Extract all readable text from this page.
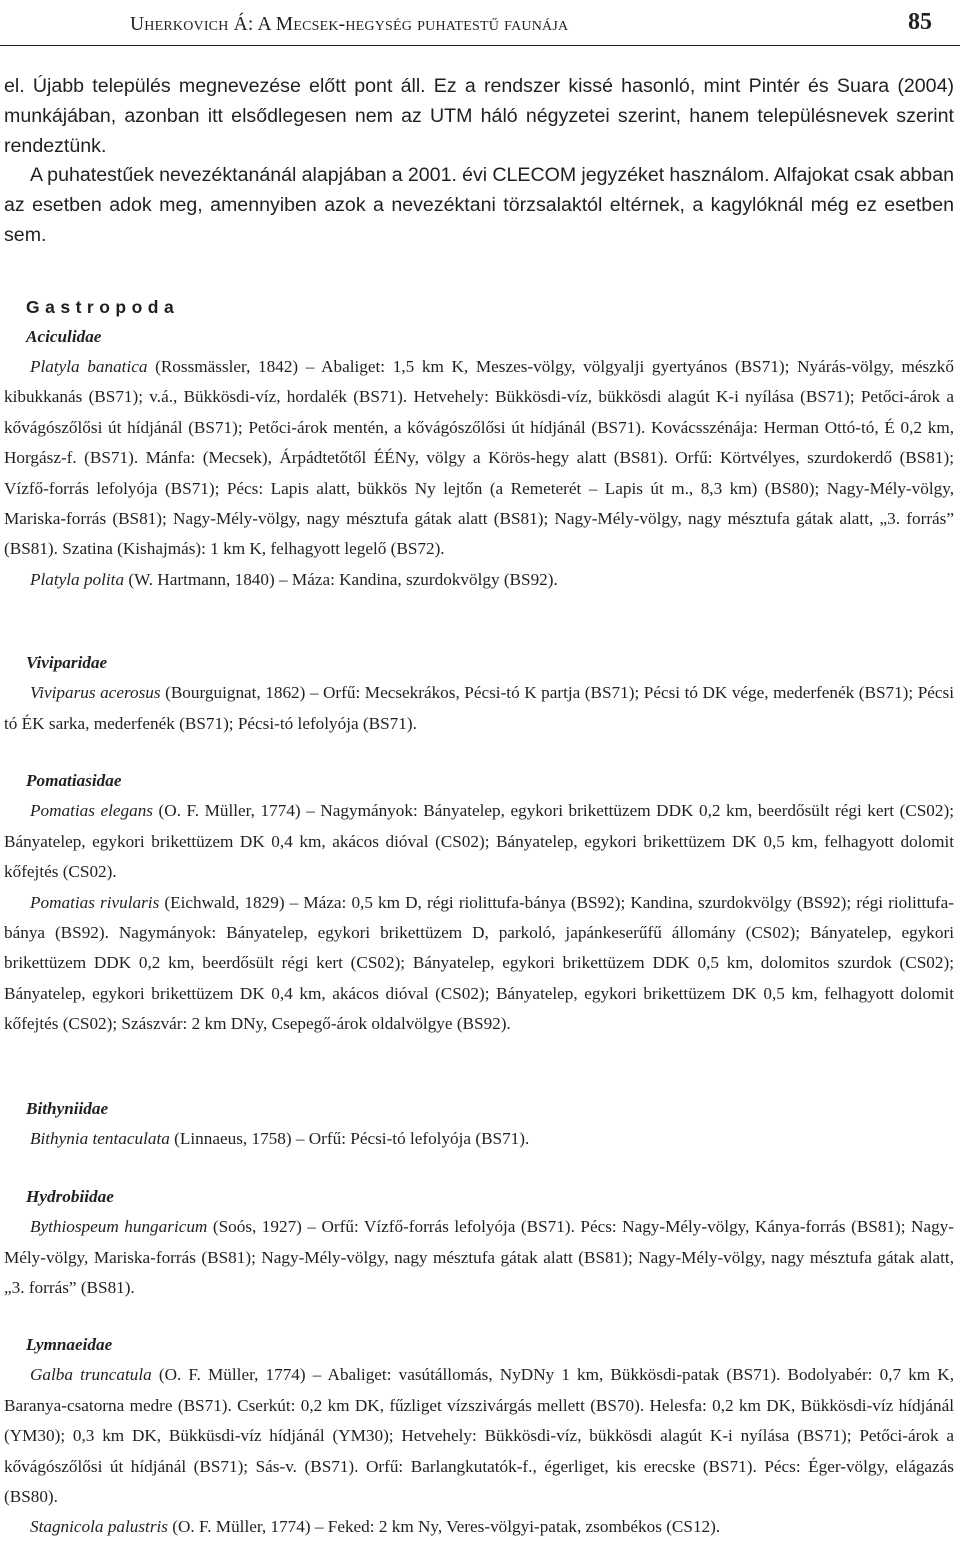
Uherkovich Á: A Mecsek-hegység puhatestű faunája	85

el. Újabb település megnevezése előtt pont áll. Ez a rendszer kissé hasonló, mint Pintér és Suara (2004) munkájában, azonban itt elsődlegesen nem az UTM háló négyzetei szerint, hanem településnevek szerint rendeztünk.

A puhatestűek nevezéktanánál alapjában a 2001. évi CLECOM jegyzéket használom. Alfajokat csak abban az esetben adok meg, amennyiben azok a nevezéktani törzsalaktól eltérnek, a kagylóknál még ez esetben sem.

Gastropoda

Aciculidae

Platyla banatica (Rossmässler, 1842) – Abaliget: 1,5 km K, Meszes-völgy, völgyalji gyertyános (BS71); Nyárás-völgy, mészkő kibukkanás (BS71); v.á., Bükkösdi-víz, hordalék (BS71). Hetvehely: Bükkösdi-víz, bükkösdi alagút K-i nyílása (BS71); Petőci-árok a kővágószőlősi út hídjánál (BS71); Petőci-árok mentén, a kővágószőlősi út hídjánál (BS71). Kovácsszénája: Herman Ottó-tó, É 0,2 km, Horgász-f. (BS71). Mánfa: (Mecsek), Árpádtetőtől ÉÉNy, völgy a Körös-hegy alatt (BS81). Orfű: Körtvélyes, szurdokerdő (BS81); Vízfő-forrás lefolyója (BS71); Pécs: Lapis alatt, bükkös Ny lejtőn (a Remeterét – Lapis út m., 8,3 km) (BS80); Nagy-Mély-völgy, Mariska-forrás (BS81); Nagy-Mély-völgy, nagy mésztufa gátak alatt (BS81); Nagy-Mély-völgy, nagy mésztufa gátak alatt, „3. forrás” (BS81). Szatina (Kishajmás): 1 km K, felhagyott legelő (BS72).

Platyla polita (W. Hartmann, 1840) – Máza: Kandina, szurdokvölgy (BS92).

Viviparidae

Viviparus acerosus (Bourguignat, 1862) – Orfű: Mecsekrákos, Pécsi-tó K partja (BS71); Pécsi tó DK vége, mederfenék (BS71); Pécsi tó ÉK sarka, mederfenék (BS71); Pécsi-tó lefolyója (BS71).

Pomatiasidae

Pomatias elegans (O. F. Müller, 1774) – Nagymányok: Bányatelep, egykori brikettüzem DDK 0,2 km, beerdősült régi kert (CS02); Bányatelep, egykori brikettüzem DK 0,4 km, akácos dióval (CS02); Bányatelep, egykori brikettüzem DK 0,5 km, felhagyott dolomit kőfejtés (CS02).

Pomatias rivularis (Eichwald, 1829) – Máza: 0,5 km D, régi riolittufa-bánya (BS92); Kandina, szurdokvölgy (BS92); régi riolittufa-bánya (BS92). Nagymányok: Bányatelep, egykori brikettüzem D, parkoló, japánkeserűfű állomány (CS02); Bányatelep, egykori brikettüzem DDK 0,2 km, beerdősült régi kert (CS02); Bányatelep, egykori brikettüzem DDK 0,5 km, dolomitos szurdok (CS02); Bányatelep, egykori brikettüzem DK 0,4 km, akácos dióval (CS02); Bányatelep, egykori brikettüzem DK 0,5 km, felhagyott dolomit kőfejtés (CS02); Szászvár: 2 km DNy, Csepegő-árok oldalvölgye (BS92).

Bithyniidae

Bithynia tentaculata (Linnaeus, 1758) – Orfű: Pécsi-tó lefolyója (BS71).

Hydrobiidae

Bythiospeum hungaricum (Soós, 1927) – Orfű: Vízfő-forrás lefolyója (BS71). Pécs: Nagy-Mély-völgy, Kánya-forrás (BS81); Nagy-Mély-völgy, Mariska-forrás (BS81); Nagy-Mély-völgy, nagy mésztufa gátak alatt (BS81); Nagy-Mély-völgy, nagy mésztufa gátak alatt, „3. forrás” (BS81).

Lymnaeidae

Galba truncatula (O. F. Müller, 1774) – Abaliget: vasútállomás, NyDNy 1 km, Bükkösdi-patak (BS71). Bodolyabér: 0,7 km K, Baranya-csatorna medre (BS71). Cserkút: 0,2 km DK, fűzliget vízszivárgás mellett (BS70). Helesfa: 0,2 km DK, Bükkösdi-víz hídjánál (YM30); 0,3 km DK, Bükküsdi-víz hídjánál (YM30); Hetvehely: Bükkösdi-víz, bükkösdi alagút K-i nyílása (BS71); Petőci-árok a kővágószőlősi út hídjánál (BS71); Sás-v. (BS71). Orfű: Barlangkutatók-f., égerliget, kis erecske (BS71). Pécs: Éger-völgy, elágazás (BS80).

Stagnicola palustris (O. F. Müller, 1774) – Feked: 2 km Ny, Veres-völgyi-patak, zsombékos (CS12).
